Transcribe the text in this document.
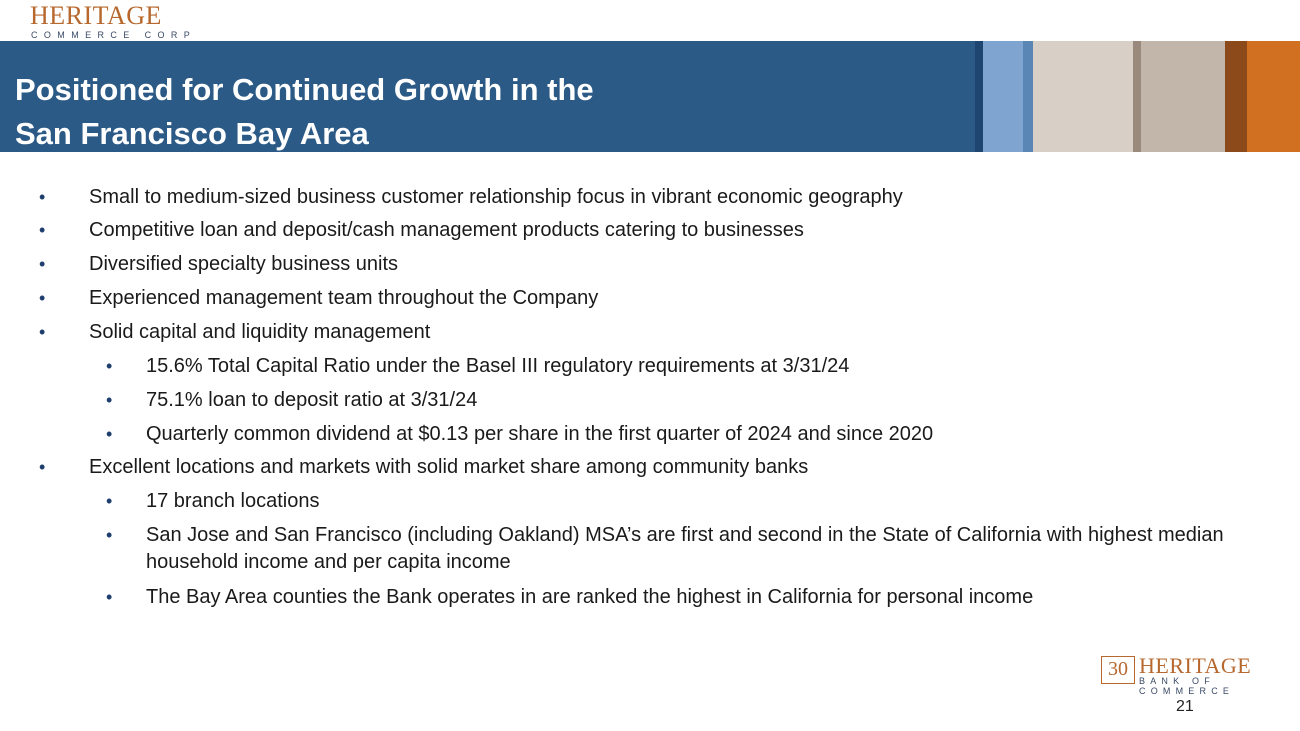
HERITAGE
COMMERCE CORP
Positioned for Continued Growth in the
San Francisco Bay Area
• Small to medium-sized business customer relationship focus in vibrant economic geography
• Competitive loan and deposit/cash management products catering to businesses
• Diversified specialty business units
• Experienced management team throughout the Company
• Solid capital and liquidity management
• 15.6% Total Capital Ratio under the Basel III regulatory requirements at 3/31/24
• 75.1% loan to deposit ratio at 3/31/24
• Quarterly common dividend at $0.13 per share in the first quarter of 2024 and since 2020
• Excellent locations and markets with solid market share among community banks
• 17 branch locations
• San Jose and San Francisco (including Oakland) MSA’s are first and second in the State of California with highest median household income and per capita income
• The Bay Area counties the Bank operates in are ranked the highest in California for personal income
30 HERITAGE
BANK OF COMMERCE
21
